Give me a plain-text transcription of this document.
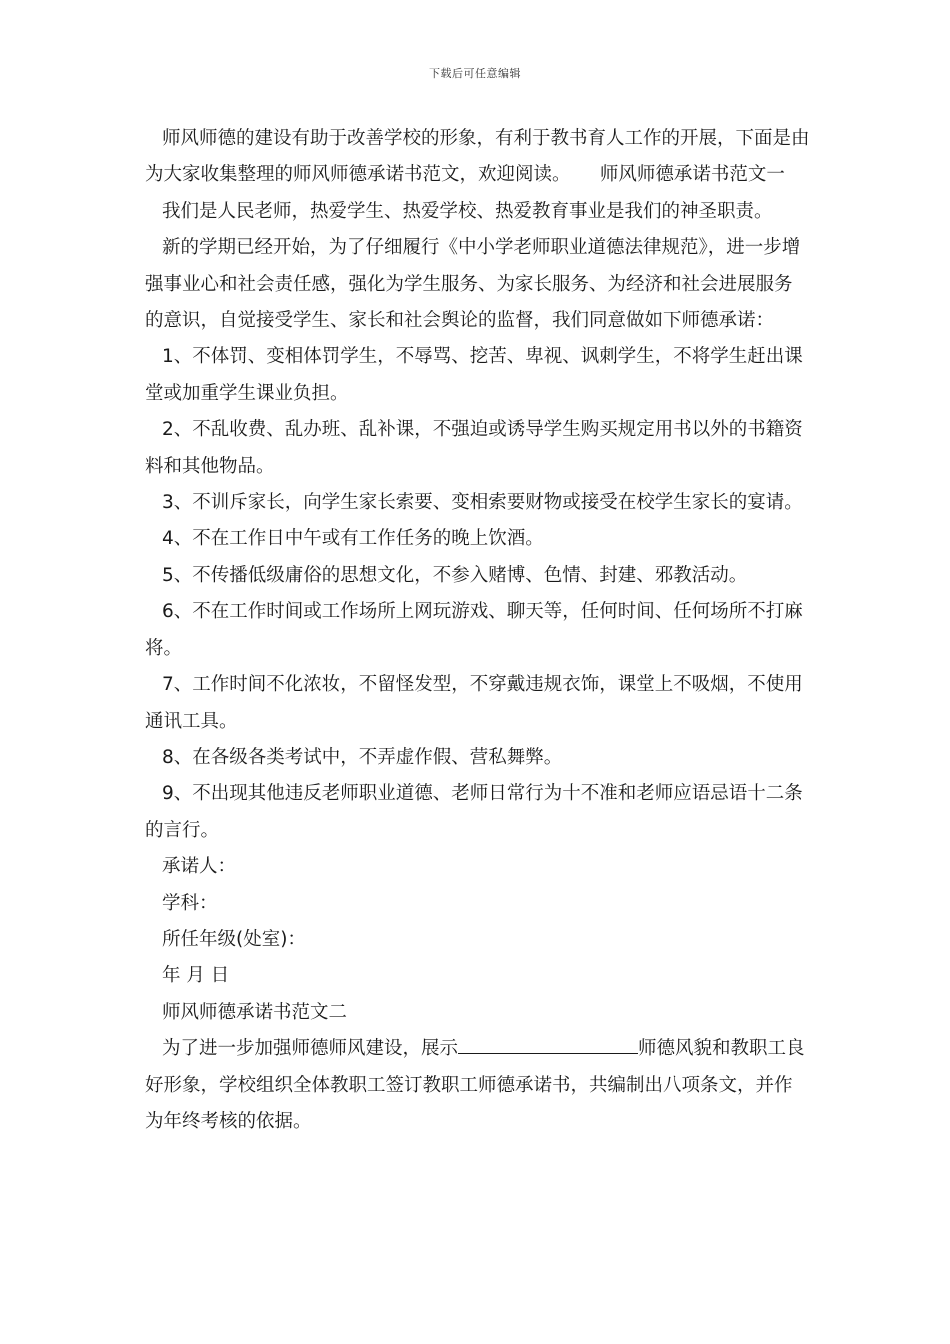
下载后可任意编辑

师风师德的建设有助于改善学校的形象，有利于教书育人工作的开展，下面是由为大家收集整理的师风师德承诺书范文，欢迎阅读。     师风师德承诺书范文一

我们是人民老师，热爱学生、热爱学校、热爱教育事业是我们的神圣职责。

新的学期已经开始，为了仔细履行《中小学老师职业道德法律规范》，进一步增强事业心和社会责任感，强化为学生服务、为家长服务、为经济和社会进展服务的意识，自觉接受学生、家长和社会舆论的监督，我们同意做如下师德承诺：

1、不体罚、变相体罚学生，不辱骂、挖苦、卑视、讽刺学生，不将学生赶出课堂或加重学生课业负担。

2、不乱收费、乱办班、乱补课，不强迫或诱导学生购买规定用书以外的书籍资料和其他物品。

3、不训斥家长，向学生家长索要、变相索要财物或接受在校学生家长的宴请。

4、不在工作日中午或有工作任务的晚上饮酒。

5、不传播低级庸俗的思想文化，不参入赌博、色情、封建、邪教活动。

6、不在工作时间或工作场所上网玩游戏、聊天等，任何时间、任何场所不打麻将。

7、工作时间不化浓妆，不留怪发型，不穿戴违规衣饰，课堂上不吸烟，不使用通讯工具。

8、在各级各类考试中，不弄虚作假、营私舞弊。

9、不出现其他违反老师职业道德、老师日常行为十不准和老师应语忌语十二条的言行。

承诺人：

学科：

所任年级(处室)：

年 月 日

师风师德承诺书范文二

为了进一步加强师德师风建设，展示	师德风貌和教职工良好形象，学校组织全体教职工签订教职工师德承诺书，共编制出八项条文，并作为年终考核的依据。
